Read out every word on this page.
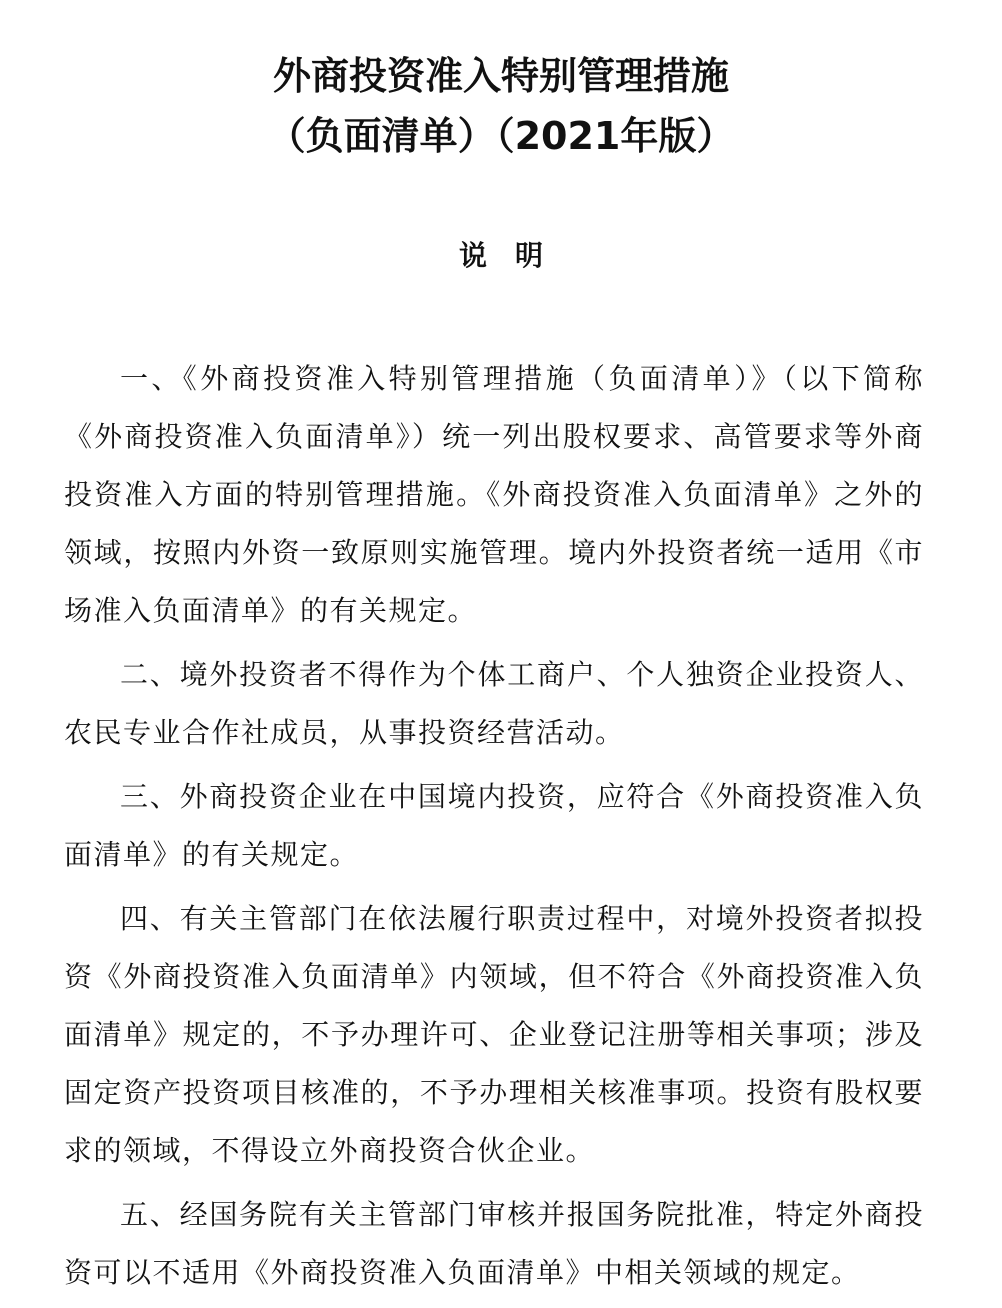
外商投资准入特别管理措施
（负面清单）（2021年版）
说明

一、《外商投资准入特别管理措施（负面清单）》（以下简称《外商投资准入负面清单》）统一列出股权要求、高管要求等外商投资准入方面的特别管理措施。《外商投资准入负面清单》之外的领域，按照内外资一致原则实施管理。境内外投资者统一适用《市场准入负面清单》的有关规定。

二、境外投资者不得作为个体工商户、个人独资企业投资人、农民专业合作社成员，从事投资经营活动。

三、外商投资企业在中国境内投资，应符合《外商投资准入负面清单》的有关规定。

四、有关主管部门在依法履行职责过程中，对境外投资者拟投资《外商投资准入负面清单》内领域，但不符合《外商投资准入负面清单》规定的，不予办理许可、企业登记注册等相关事项；涉及固定资产投资项目核准的，不予办理相关核准事项。投资有股权要求的领域，不得设立外商投资合伙企业。

五、经国务院有关主管部门审核并报国务院批准，特定外商投资可以不适用《外商投资准入负面清单》中相关领域的规定。
